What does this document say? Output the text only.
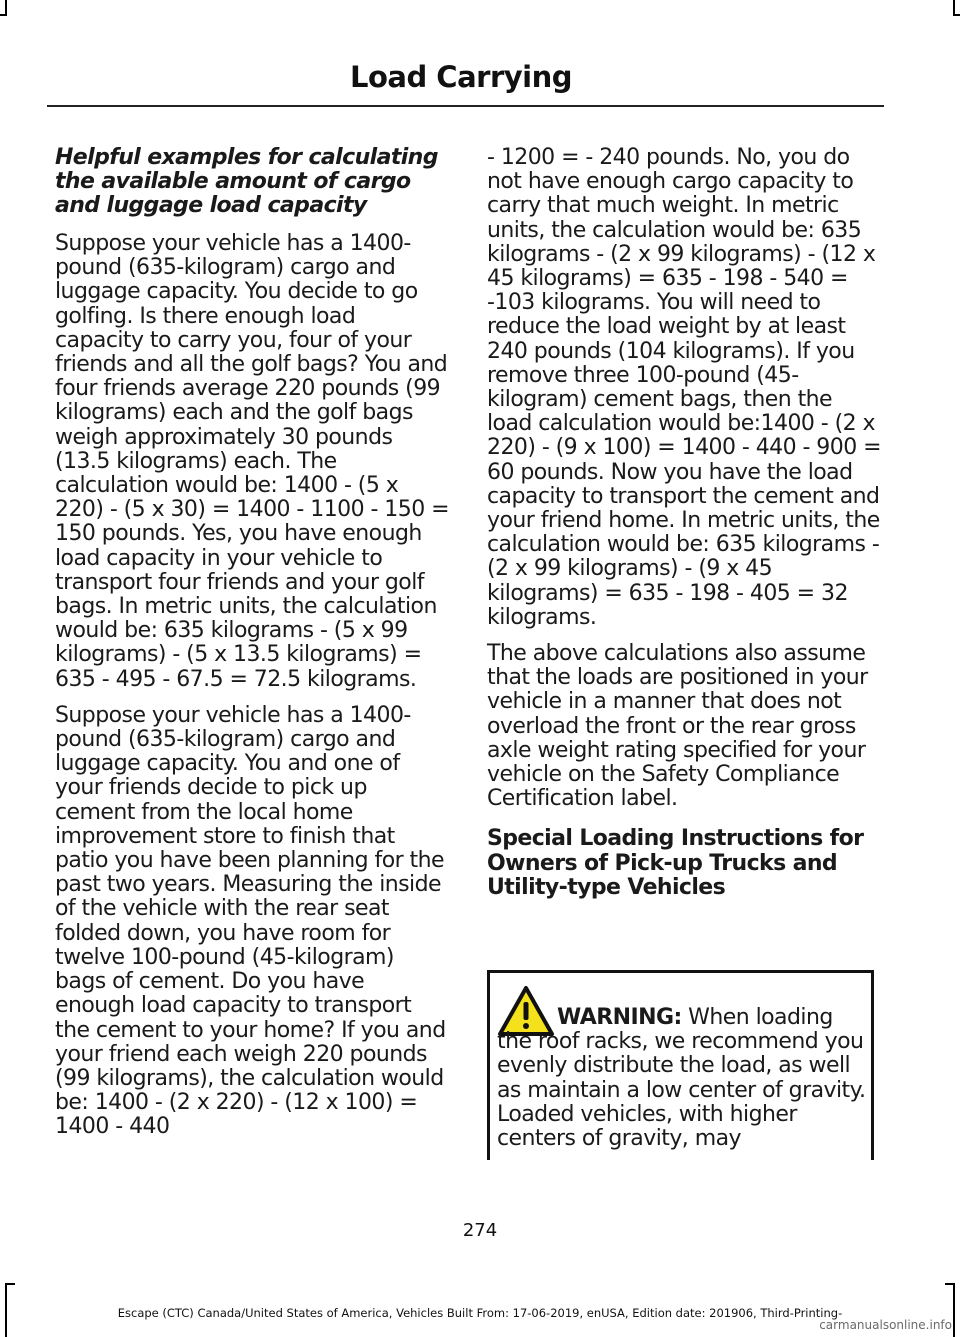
Load Carrying

Helpful examples for calculating the available amount of cargo and luggage load capacity

Suppose your vehicle has a 1400-pound (635-kilogram) cargo and luggage capacity. You decide to go golfing. Is there enough load capacity to carry you, four of your friends and all the golf bags? You and four friends average 220 pounds (99 kilograms) each and the golf bags weigh approximately 30 pounds (13.5 kilograms) each. The calculation would be: 1400 - (5 x 220) - (5 x 30) = 1400 - 1100 - 150 = 150 pounds. Yes, you have enough load capacity in your vehicle to transport four friends and your golf bags. In metric units, the calculation would be: 635 kilograms - (5 x 99 kilograms) - (5 x 13.5 kilograms) = 635 - 495 - 67.5 = 72.5 kilograms.

Suppose your vehicle has a 1400-pound (635-kilogram) cargo and luggage capacity. You and one of your friends decide to pick up cement from the local home improvement store to finish that patio you have been planning for the past two years. Measuring the inside of the vehicle with the rear seat folded down, you have room for twelve 100-pound (45-kilogram) bags of cement. Do you have enough load capacity to transport the cement to your home? If you and your friend each weigh 220 pounds (99 kilograms), the calculation would be: 1400 - (2 x 220) - (12 x 100) = 1400 - 440

- 1200 = - 240 pounds. No, you do not have enough cargo capacity to carry that much weight. In metric units, the calculation would be: 635 kilograms - (2 x 99 kilograms) - (12 x 45 kilograms) = 635 - 198 - 540 = -103 kilograms. You will need to reduce the load weight by at least 240 pounds (104 kilograms). If you remove three 100-pound (45-kilogram) cement bags, then the load calculation would be:1400 - (2 x 220) - (9 x 100) = 1400 - 440 - 900 = 60 pounds. Now you have the load capacity to transport the cement and your friend home. In metric units, the calculation would be: 635 kilograms - (2 x 99 kilograms) - (9 x 45 kilograms) = 635 - 198 - 405 = 32 kilograms.

The above calculations also assume that the loads are positioned in your vehicle in a manner that does not overload the front or the rear gross axle weight rating specified for your vehicle on the Safety Compliance Certification label.

Special Loading Instructions for Owners of Pick-up Trucks and Utility-type Vehicles

WARNING: When loading the roof racks, we recommend you evenly distribute the load, as well as maintain a low center of gravity. Loaded vehicles, with higher centers of gravity, may

274
Escape (CTC) Canada/United States of America, Vehicles Built From: 17-06-2019, enUSA, Edition date: 201906, Third-Printing-
carmanualsonline.info
